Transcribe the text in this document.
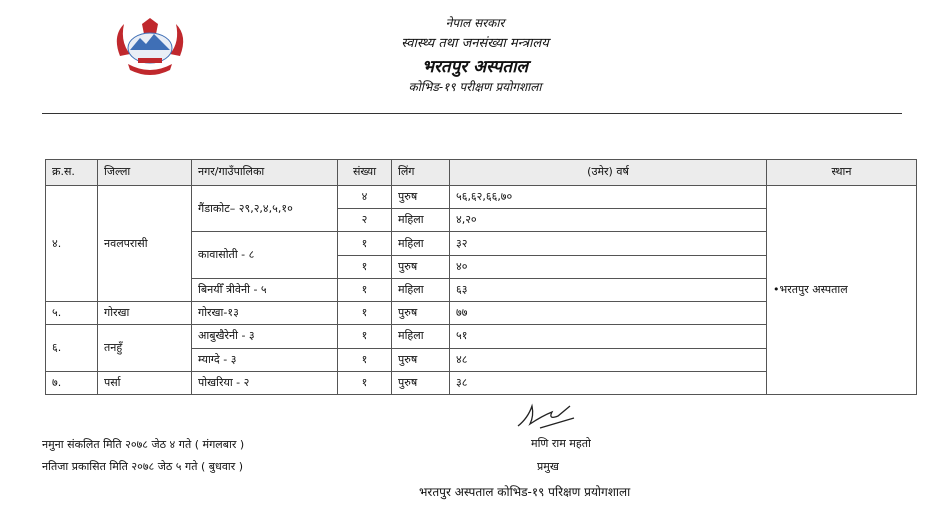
नेपाल सरकार
स्वास्थ्य तथा जनसंख्या मन्त्रालय
भरतपुर अस्पताल
कोभिड-१९ परीक्षण प्रयोगशाला
क्र.स.	जिल्ला	नगर/गाउँपालिका	संख्या	लिंग	(उमेर) वर्ष	स्थान
४.	नवलपरासी	गैंडाकोट– २९,२,४,५,१०	४	पुरुष	५६,६२,६६,७०	•भरतपुर अस्पताल
			२	महिला	४,२०	
		कावासोती - ८	१	महिला	३२	
			१	पुरुष	४०	
		बिनयीँ त्रीवेनी - ५	१	महिला	६३	
५.	गोरखा	गोरखा-१३	१	पुरुष	७७	
६.	तनहुँ	आबुखैरेनी - ३	१	महिला	५१	
		म्याग्दे - ३	१	पुरुष	४८	
७.	पर्सा	पोखरिया - २	१	पुरुष	३८	
नमुना संकलित मिति २०७८ जेठ ४ गते ( मंगलबार )
नतिजा प्रकासित मिति २०७८ जेठ ५ गते ( बुधवार )
मणि राम महतो
प्रमुख
भरतपुर अस्पताल कोभिड-१९ परिक्षण प्रयोगशाला
